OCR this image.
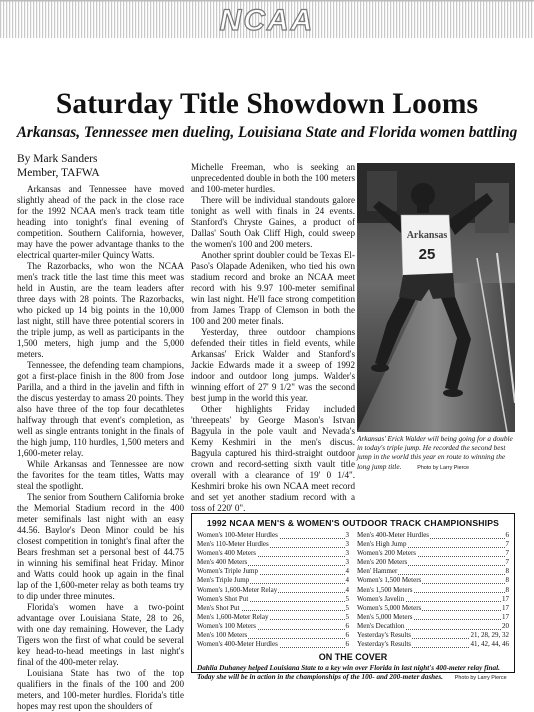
NCAA
Saturday Title Showdown Looms
Arkansas, Tennessee men dueling, Louisiana State and Florida women battling
By Mark Sanders
Member, TAFWA

Arkansas and Tennessee have moved slightly ahead of the pack in the close race for the 1992 NCAA men's track team title heading into tonight's final evening of competition. Southern California, however, may have the power advantage thanks to the electrical quarter-miler Quincy Watts.

The Razorbacks, who won the NCAA men's track title the last time this meet was held in Austin, are the team leaders after three days with 28 points. The Razorbacks, who picked up 14 big points in the 10,000 last night, still have three potential scorers in the triple jump, as well as participants in the 1,500 meters, high jump and the 5,000 meters.

Tennessee, the defending team champions, got a first-place finish in the 800 from Jose Parilla, and a third in the javelin and fifth in the discus yesterday to amass 20 points. They also have three of the top four decathletes halfway through that event's completion, as well as single entrants tonight in the finals of the high jump, 110 hurdles, 1,500 meters and 1,600-meter relay.

While Arkansas and Tennessee are now the favorites for the team titles, Watts may steal the spotlight.

The senior from Southern California broke the Memorial Stadium record in the 400 meter semifinals last night with an easy 44.56. Baylor's Deon Minor could be his closest competition in tonight's final after the Bears freshman set a personal best of 44.75 in winning his semifinal heat Friday. Minor and Watts could hook up again in the final lap of the 1,600-meter relay as both teams try to dip under three minutes.

Florida's women have a two-point advantage over Louisiana State, 28 to 26, with one day remaining. However, the Lady Tigers won the first of what could be several key head-to-head meetings in last night's final of the 400-meter relay.

Louisiana State has two of the top qualifiers in the finals of the 100 and 200 meters, and 100-meter hurdles. Florida's title hopes may rest upon the shoulders of

Michelle Freeman, who is seeking an unprecedented double in both the 100 meters and 100-meter hurdles.

There will be individual standouts galore tonight as well with finals in 24 events. Stanford's Chryste Gaines, a product of Dallas' South Oak Cliff High, could sweep the women's 100 and 200 meters.

Another sprint doubler could be Texas El-Paso's Olapade Adeniken, who tied his own stadium record and broke an NCAA meet record with his 9.97 100-meter semifinal win last night. He'll face strong competition from James Trapp of Clemson in both the 100 and 200 meter finals.

Yesterday, three outdoor champions defended their titles in field events, while Arkansas' Erick Walder and Stanford's Jackie Edwards made it a sweep of 1992 indoor and outdoor long jumps. Walder's winning effort of 27' 9 1/2" was the second best jump in the world this year.

Other highlights Friday included 'threepeats' by George Mason's Istvan Bagyula in the pole vault and Nevada's Kemy Keshmiri in the men's discus. Bagyula captured his third-straight outdoor crown and record-setting sixth vault title overall with a clearance of 19' 0 1/4". Keshmiri broke his own NCAA meet record and set yet another stadium record with a toss of 220' 0".

Arkansas
25
Arkansas' Erick Walder will being going for a double in today's triple jump. He recorded the second best jump in the world this year en route to winning the long jump title.	Photo by Larry Pierce
1992 NCAA MEN'S & WOMEN'S OUTDOOR TRACK CHAMPIONSHIPS
Women's 100-Meter Hurdles	3
Men's 110-Meter Hurdles	3
Women's 400 Meters	3
Men's 400 Meters	3
Women's Triple Jump	4
Men's Triple Jump	4
Women's 1,600-Meter Relay	4
Women's Shot Put	5
Men's Shot Put	5
Men's 1,600-Meter Relay	5
Women's 100 Meters	6
Men's 100 Meters	6
Women's 400-Meter Hurdles	6
Men's 400-Meter Hurdles	6
Men's High Jump	7
Women's 200 Meters	7
Men's 200 Meters	7
Men' Hammer	8
Women's 1,500 Meters	8
Men's 1,500 Meters	8
Women's Javelin	17
Women's 5,000 Meters	17
Men's 5,000 Meters	17
Men's Decathlon	20
Yesterday's Results	21, 28, 29, 32
Yesterday's Results	41, 42, 44, 46
ON THE COVER
Dahlia Duhaney helped Louisiana State to a key win over Florida in last night's 400-meter relay final. Today she will be in action in the championships of the 100- and 200-meter dashes. Photo by Larry Pierce
